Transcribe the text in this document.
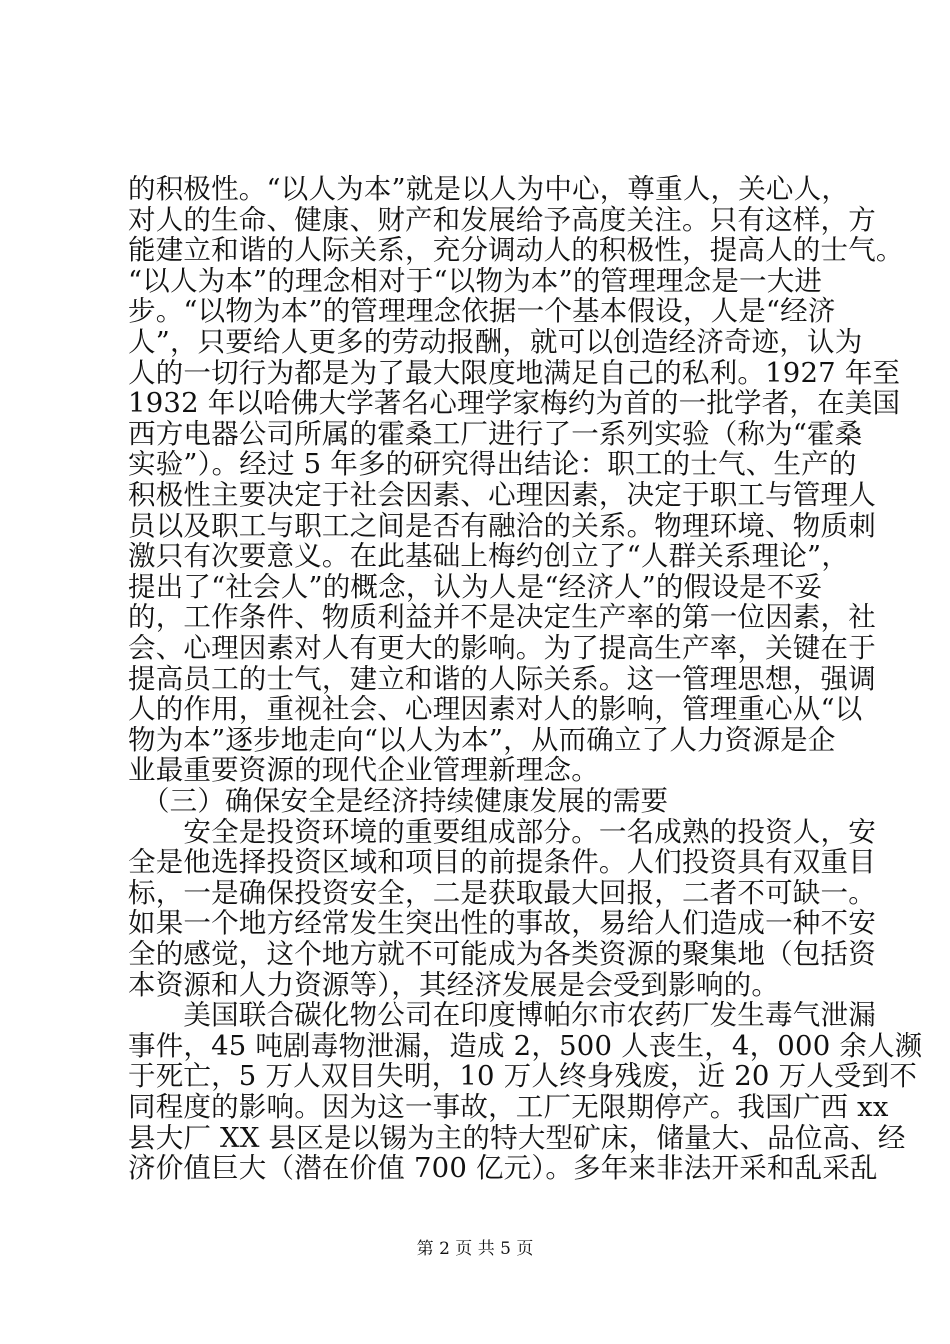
的积极性。“以人为本”就是以人为中心，尊重人，关心人，
对人的生命、健康、财产和发展给予高度关注。只有这样，方
能建立和谐的人际关系，充分调动人的积极性，提高人的士气。
“以人为本”的理念相对于“以物为本”的管理理念是一大进
步。“以物为本”的管理理念依据一个基本假设，人是“经济
人”，只要给人更多的劳动报酬，就可以创造经济奇迹，认为
人的一切行为都是为了最大限度地满足自己的私利。1927 年至
1932 年以哈佛大学著名心理学家梅约为首的一批学者，在美国
西方电器公司所属的霍桑工厂进行了一系列实验（称为“霍桑
实验”）。经过 5 年多的研究得出结论：职工的士气、生产的
积极性主要决定于社会因素、心理因素，决定于职工与管理人
员以及职工与职工之间是否有融洽的关系。物理环境、物质刺
激只有次要意义。在此基础上梅约创立了“人群关系理论”，
提出了“社会人”的概念，认为人是“经济人”的假设是不妥
的，工作条件、物质利益并不是决定生产率的第一位因素，社
会、心理因素对人有更大的影响。为了提高生产率，关键在于
提高员工的士气，建立和谐的人际关系。这一管理思想，强调
人的作用，重视社会、心理因素对人的影响，管理重心从“以
物为本”逐步地走向“以人为本”，从而确立了人力资源是企
业最重要资源的现代企业管理新理念。
　（三）确保安全是经济持续健康发展的需要
　　安全是投资环境的重要组成部分。一名成熟的投资人，安
全是他选择投资区域和项目的前提条件。人们投资具有双重目
标，一是确保投资安全，二是获取最大回报，二者不可缺一。
如果一个地方经常发生突出性的事故，易给人们造成一种不安
全的感觉，这个地方就不可能成为各类资源的聚集地（包括资
本资源和人力资源等），其经济发展是会受到影响的。
　　美国联合碳化物公司在印度博帕尔市农药厂发生毒气泄漏
事件，45 吨剧毒物泄漏，造成 2，500 人丧生，4，000 余人濒
于死亡，5 万人双目失明，10 万人终身残废，近 20 万人受到不
同程度的影响。因为这一事故，工厂无限期停产。我国广西 xx
县大厂 XX 县区是以锡为主的特大型矿床，储量大、品位高、经
济价值巨大（潜在价值 700 亿元）。多年来非法开采和乱采乱
第 2 页 共 5 页
